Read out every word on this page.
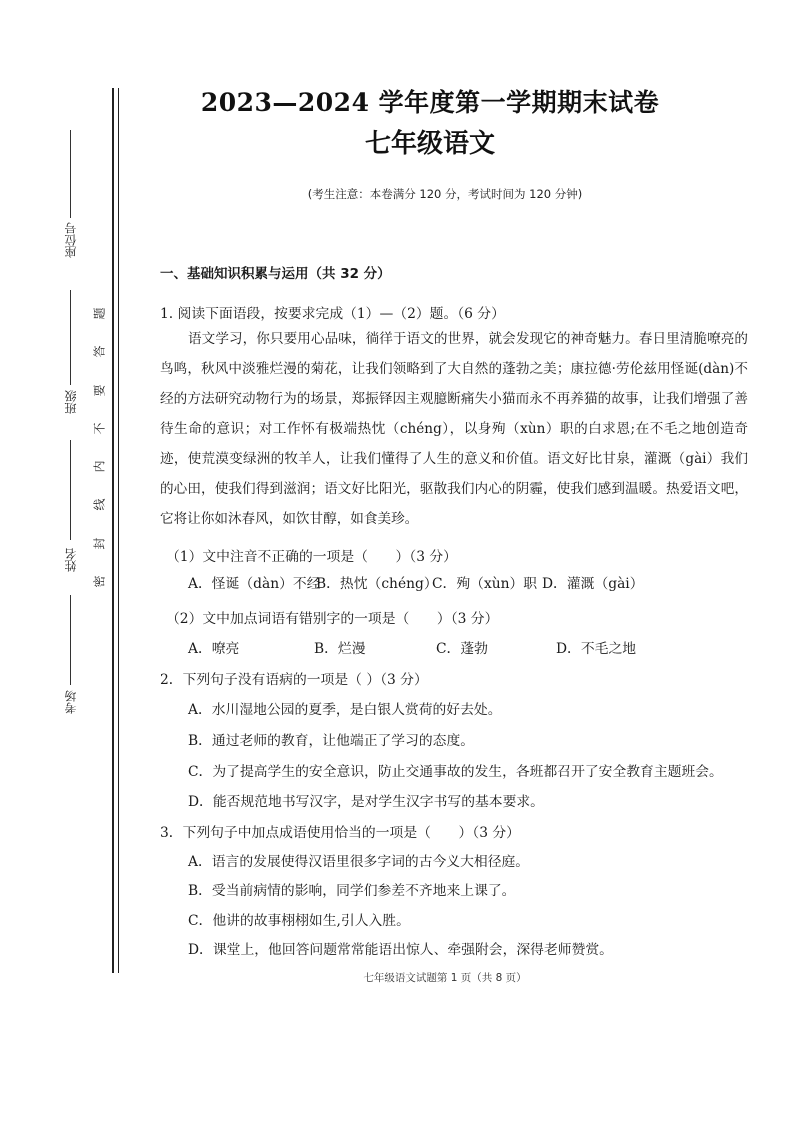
座位号
班级
姓名
考场
密
封
线
内
不
要
答
题
2023—2024 学年度第一学期期末试卷
七年级语文
(考生注意：本卷满分 120 分，考试时间为 120 分钟)
一、基础知识积累与运用（共 32 分）
1. 阅读下面语段，按要求完成（1）—（2）题。（6 分）
语文学习，你只要用心品味，徜徉于语文的世界，就会发现它的神奇魅力。春日里清脆嘹亮的鸟鸣，秋风中淡雅烂漫的菊花，让我们领略到了大自然的蓬勃之美；康拉德·劳伦兹用怪诞(dàn)不经的方法研究动物行为的场景，郑振铎因主观臆断痛失小猫而永不再养猫的故事，让我们增强了善待生命的意识；对工作怀有极端热忱（chéng），以身殉（xùn）职的白求恩;在不毛之地创造奇迹，使荒漠变绿洲的牧羊人，让我们懂得了人生的意义和价值。语文好比甘泉，灌溉（gài）我们的心田，使我们得到滋润；语文好比阳光，驱散我们内心的阴霾，使我们感到温暖。热爱语文吧，它将让你如沐春风，如饮甘醇，如食美珍。
（1）文中注音不正确的一项是（　　）（3 分）
A．怪诞（dàn）不经
B．热忱（chéng）
C．殉（xùn）职 D．灌溉（gài）
（2）文中加点词语有错别字的一项是（　　）（3 分）
A．嘹亮	B．烂漫	C．蓬勃	D．不毛之地
2．下列句子没有语病的一项是（ ）（3 分）
A．水川湿地公园的夏季，是白银人赏荷的好去处。
B．通过老师的教育，让他端正了学习的态度。
C．为了提高学生的安全意识，防止交通事故的发生，各班都召开了安全教育主题班会。
D．能否规范地书写汉字，是对学生汉字书写的基本要求。
3．下列句子中加点成语使用恰当的一项是（　　）（3 分）
A．语言的发展使得汉语里很多字词的古今义大相径庭。
B．受当前病情的影响，同学们参差不齐地来上课了。
C．他讲的故事栩栩如生,引人入胜。
D．课堂上，他回答问题常常能语出惊人、牵强附会，深得老师赞赏。
七年级语文试题第 1 页（共 8 页）
